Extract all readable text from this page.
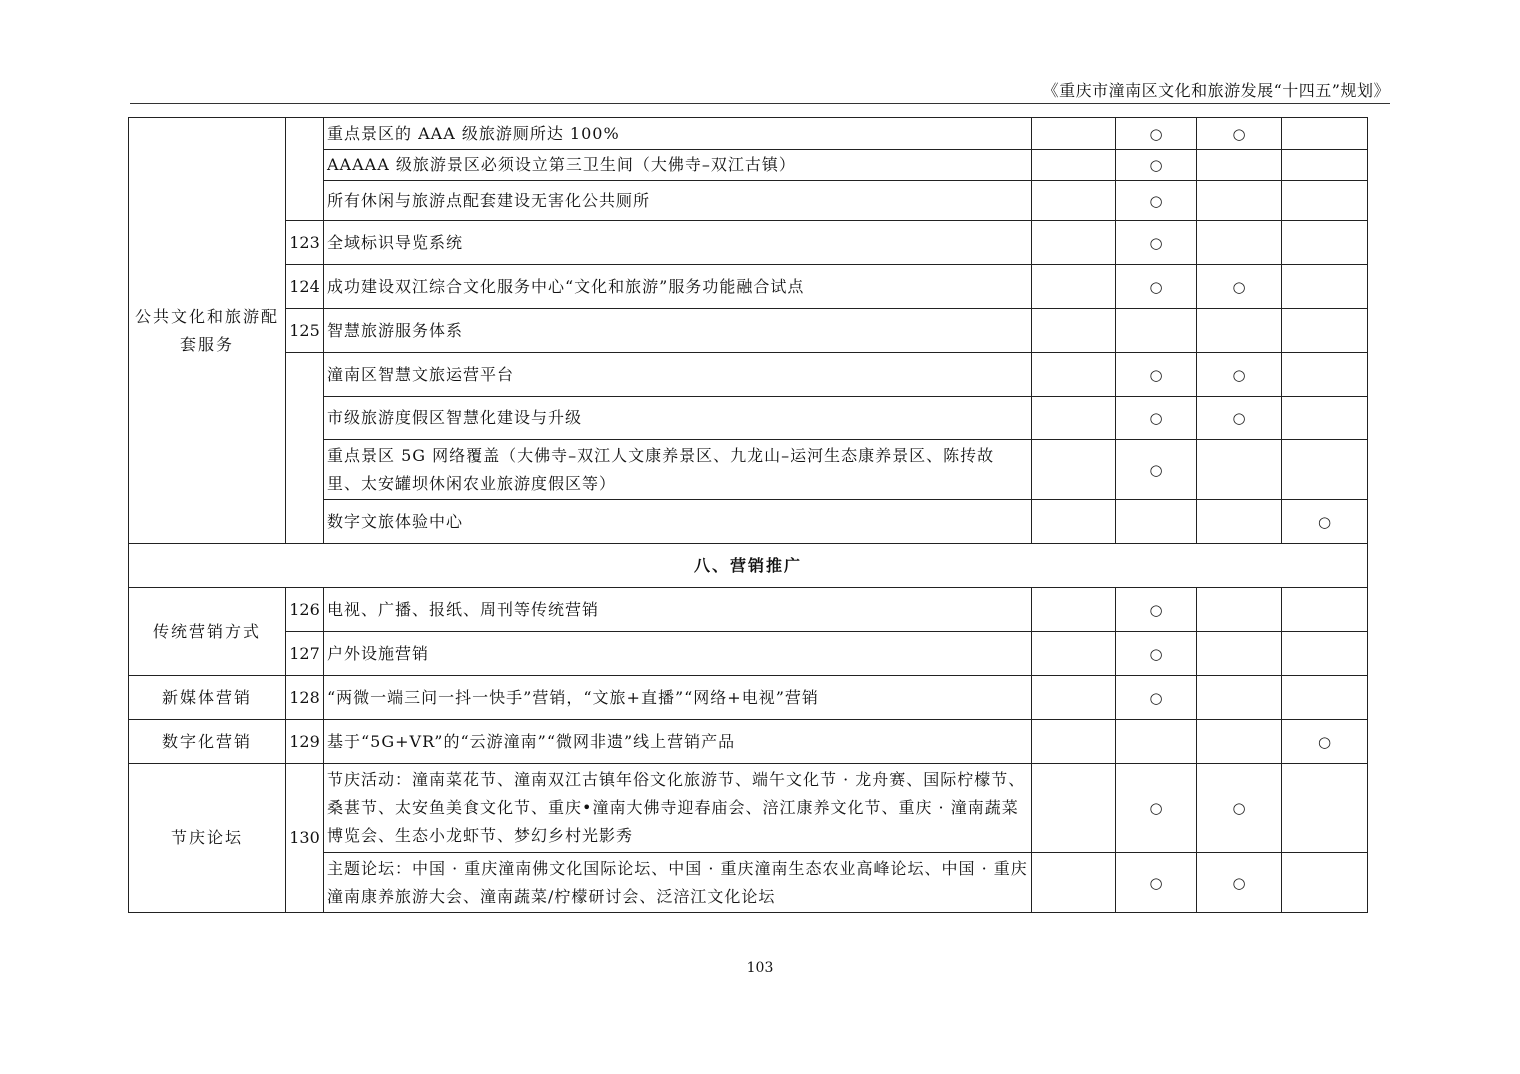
《重庆市潼南区文化和旅游发展“十四五”规划》
公共文化和旅游配套服务		重点景区的 AAA 级旅游厕所达 100%		○	○	
		AAAAA 级旅游景区必须设立第三卫生间（大佛寺–双江古镇）		○		
		所有休闲与旅游点配套建设无害化公共厕所		○		
	123	全域标识导览系统		○		
	124	成功建设双江综合文化服务中心“文化和旅游”服务功能融合试点		○	○	
	125	智慧旅游服务体系				
		潼南区智慧文旅运营平台		○	○	
		市级旅游度假区智慧化建设与升级		○	○	
		重点景区 5G 网络覆盖（大佛寺–双江人文康养景区、九龙山–运河生态康养景区、陈抟故里、太安罐坝休闲农业旅游度假区等）		○		
		数字文旅体验中心				○
八、营销推广						
传统营销方式	126	电视、广播、报纸、周刊等传统营销		○		
	127	户外设施营销		○		
新媒体营销	128	“两微一端三问一抖一快手”营销，“文旅+直播”“网络+电视”营销		○		
数字化营销	129	基于“5G+VR”的“云游潼南”“微网非遗”线上营销产品				○
节庆论坛	130	节庆活动：潼南菜花节、潼南双江古镇年俗文化旅游节、端午文化节 · 龙舟赛、国际柠檬节、桑葚节、太安鱼美食文化节、重庆•潼南大佛寺迎春庙会、涪江康养文化节、重庆 · 潼南蔬菜博览会、生态小龙虾节、梦幻乡村光影秀		○	○	
		主题论坛：中国 · 重庆潼南佛文化国际论坛、中国 · 重庆潼南生态农业高峰论坛、中国 · 重庆潼南康养旅游大会、潼南蔬菜/柠檬研讨会、泛涪江文化论坛		○	○	
103
